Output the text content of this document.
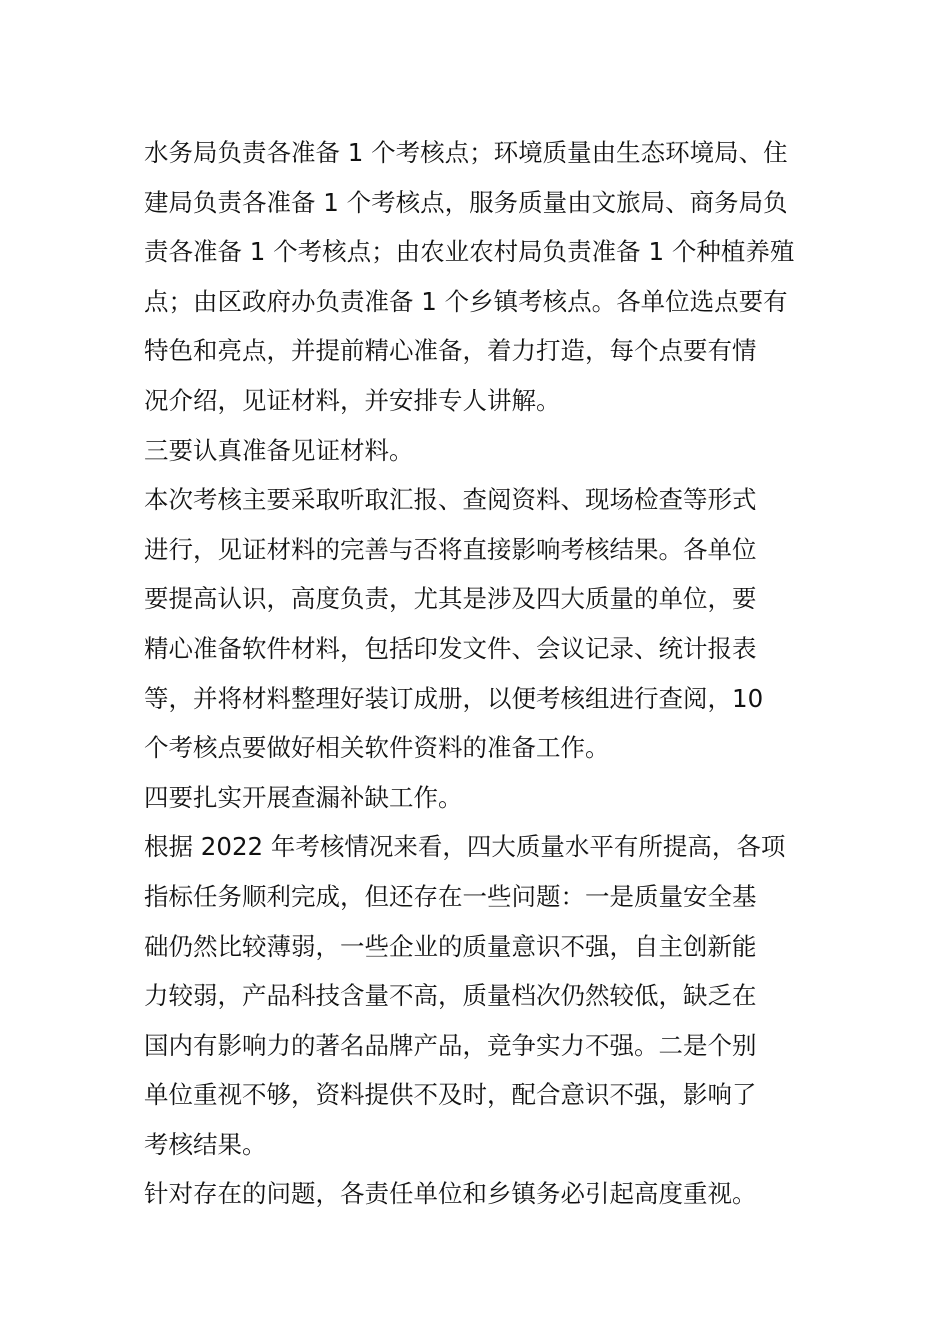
水务局负责各准备 1 个考核点；环境质量由生态环境局、住
建局负责各准备 1 个考核点，服务质量由文旅局、商务局负
责各准备 1 个考核点；由农业农村局负责准备 1 个种植养殖
点；由区政府办负责准备 1 个乡镇考核点。各单位选点要有
特色和亮点，并提前精心准备，着力打造，每个点要有情
况介绍，见证材料，并安排专人讲解。
三要认真准备见证材料。
本次考核主要采取听取汇报、查阅资料、现场检查等形式
进行，见证材料的完善与否将直接影响考核结果。各单位
要提高认识，高度负责，尤其是涉及四大质量的单位，要
精心准备软件材料，包括印发文件、会议记录、统计报表
等，并将材料整理好装订成册，以便考核组进行查阅，10
个考核点要做好相关软件资料的准备工作。
四要扎实开展查漏补缺工作。
根据 2022 年考核情况来看，四大质量水平有所提高，各项
指标任务顺利完成，但还存在一些问题：一是质量安全基
础仍然比较薄弱，一些企业的质量意识不强，自主创新能
力较弱，产品科技含量不高，质量档次仍然较低，缺乏在
国内有影响力的著名品牌产品，竞争实力不强。二是个别
单位重视不够，资料提供不及时，配合意识不强，影响了
考核结果。
针对存在的问题，各责任单位和乡镇务必引起高度重视。
